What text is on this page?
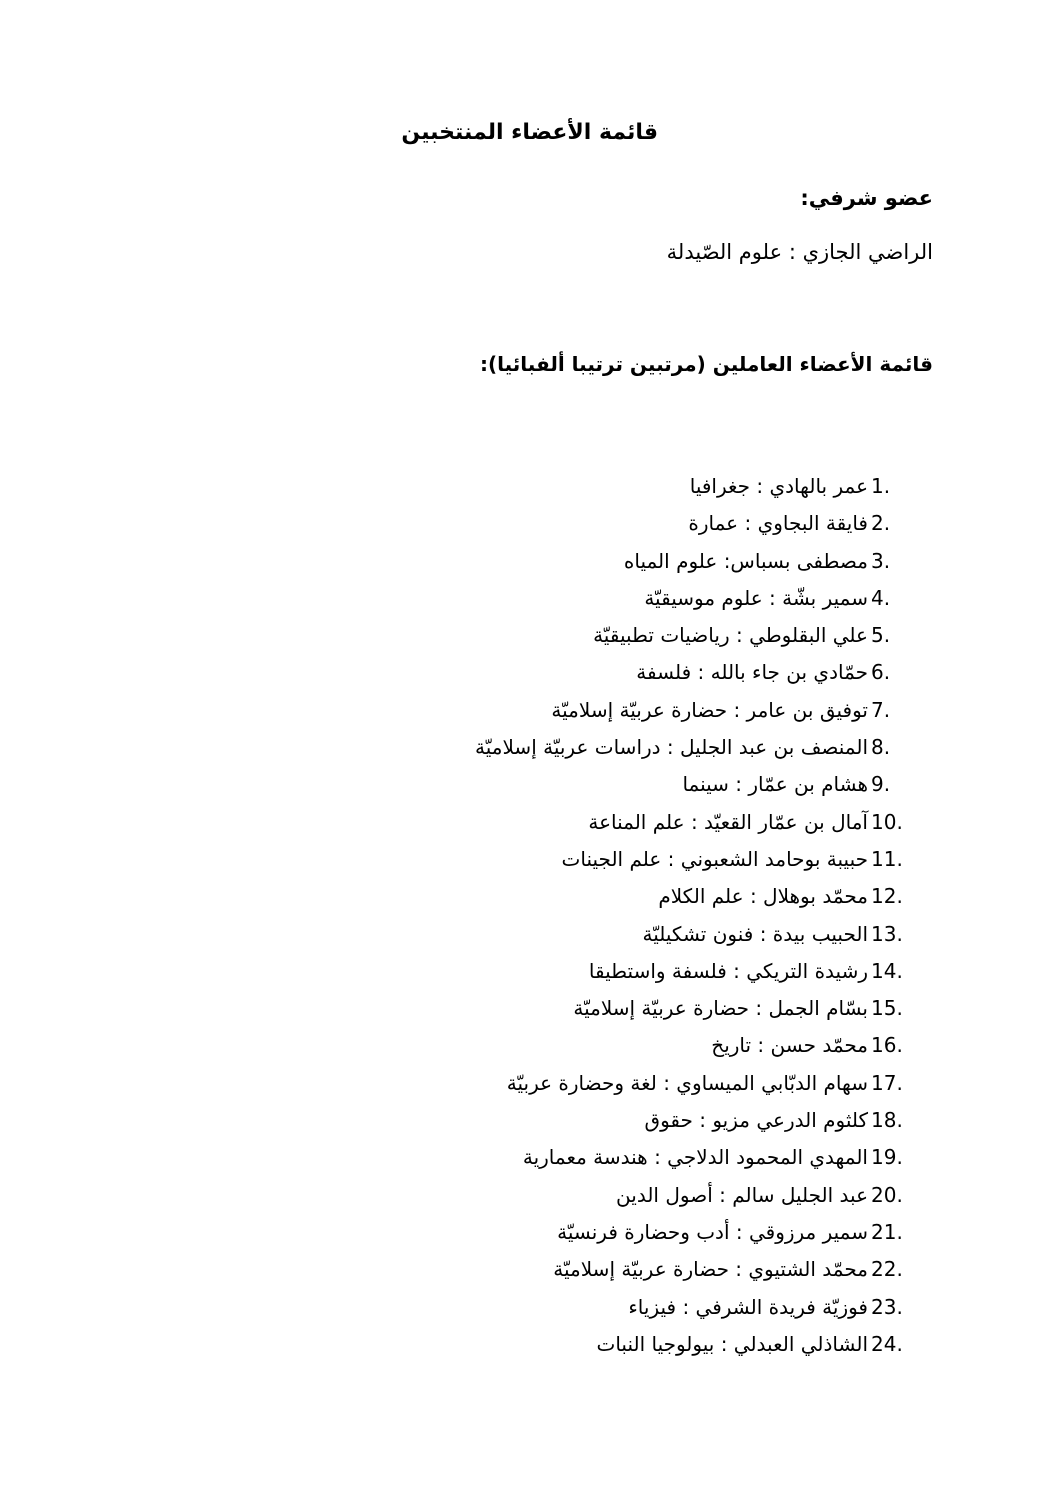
قائمة الأعضاء المنتخبين
عضو شرفي:
الراضي الجازي : علوم الصّيدلة
قائمة الأعضاء العاملين (مرتبين ترتيبا ألفبائيا):
1.
عمر بالهادي : جغرافيا
2.
فايقة البجاوي : عمارة
3.
مصطفى بسباس: علوم المياه
4.
سمير بشّة : علوم موسيقيّة
5.
علي البقلوطي : رياضيات تطبيقيّة
6.
حمّادي بن جاء بالله : فلسفة
7.
توفيق بن عامر : حضارة عربيّة إسلاميّة
8.
المنصف بن عبد الجليل : دراسات عربيّة إسلاميّة
9.
هشام بن عمّار : سينما
10.
آمال بن عمّار القعيّد : علم المناعة
11.
حبيبة بوحامد الشعبوني : علم الجينات
12.
محمّد بوهلال : علم الكلام
13.
الحبيب بيدة : فنون تشكيليّة
14.
رشيدة التريكي : فلسفة واستطيقا
15.
بسّام الجمل : حضارة عربيّة إسلاميّة
16.
محمّد حسن : تاريخ
17.
سهام الدبّابي الميساوي : لغة وحضارة عربيّة
18.
كلثوم الدرعي مزيو : حقوق
19.
المهدي المحمود الدلاجي : هندسة معمارية
20.
عبد الجليل سالم : أصول الدين
21.
سمير مرزوقي : أدب وحضارة فرنسيّة
22.
محمّد الشتيوي : حضارة عربيّة إسلاميّة
23.
فوزيّة فريدة الشرفي : فيزياء
24.
الشاذلي العبدلي : بيولوجيا النبات
